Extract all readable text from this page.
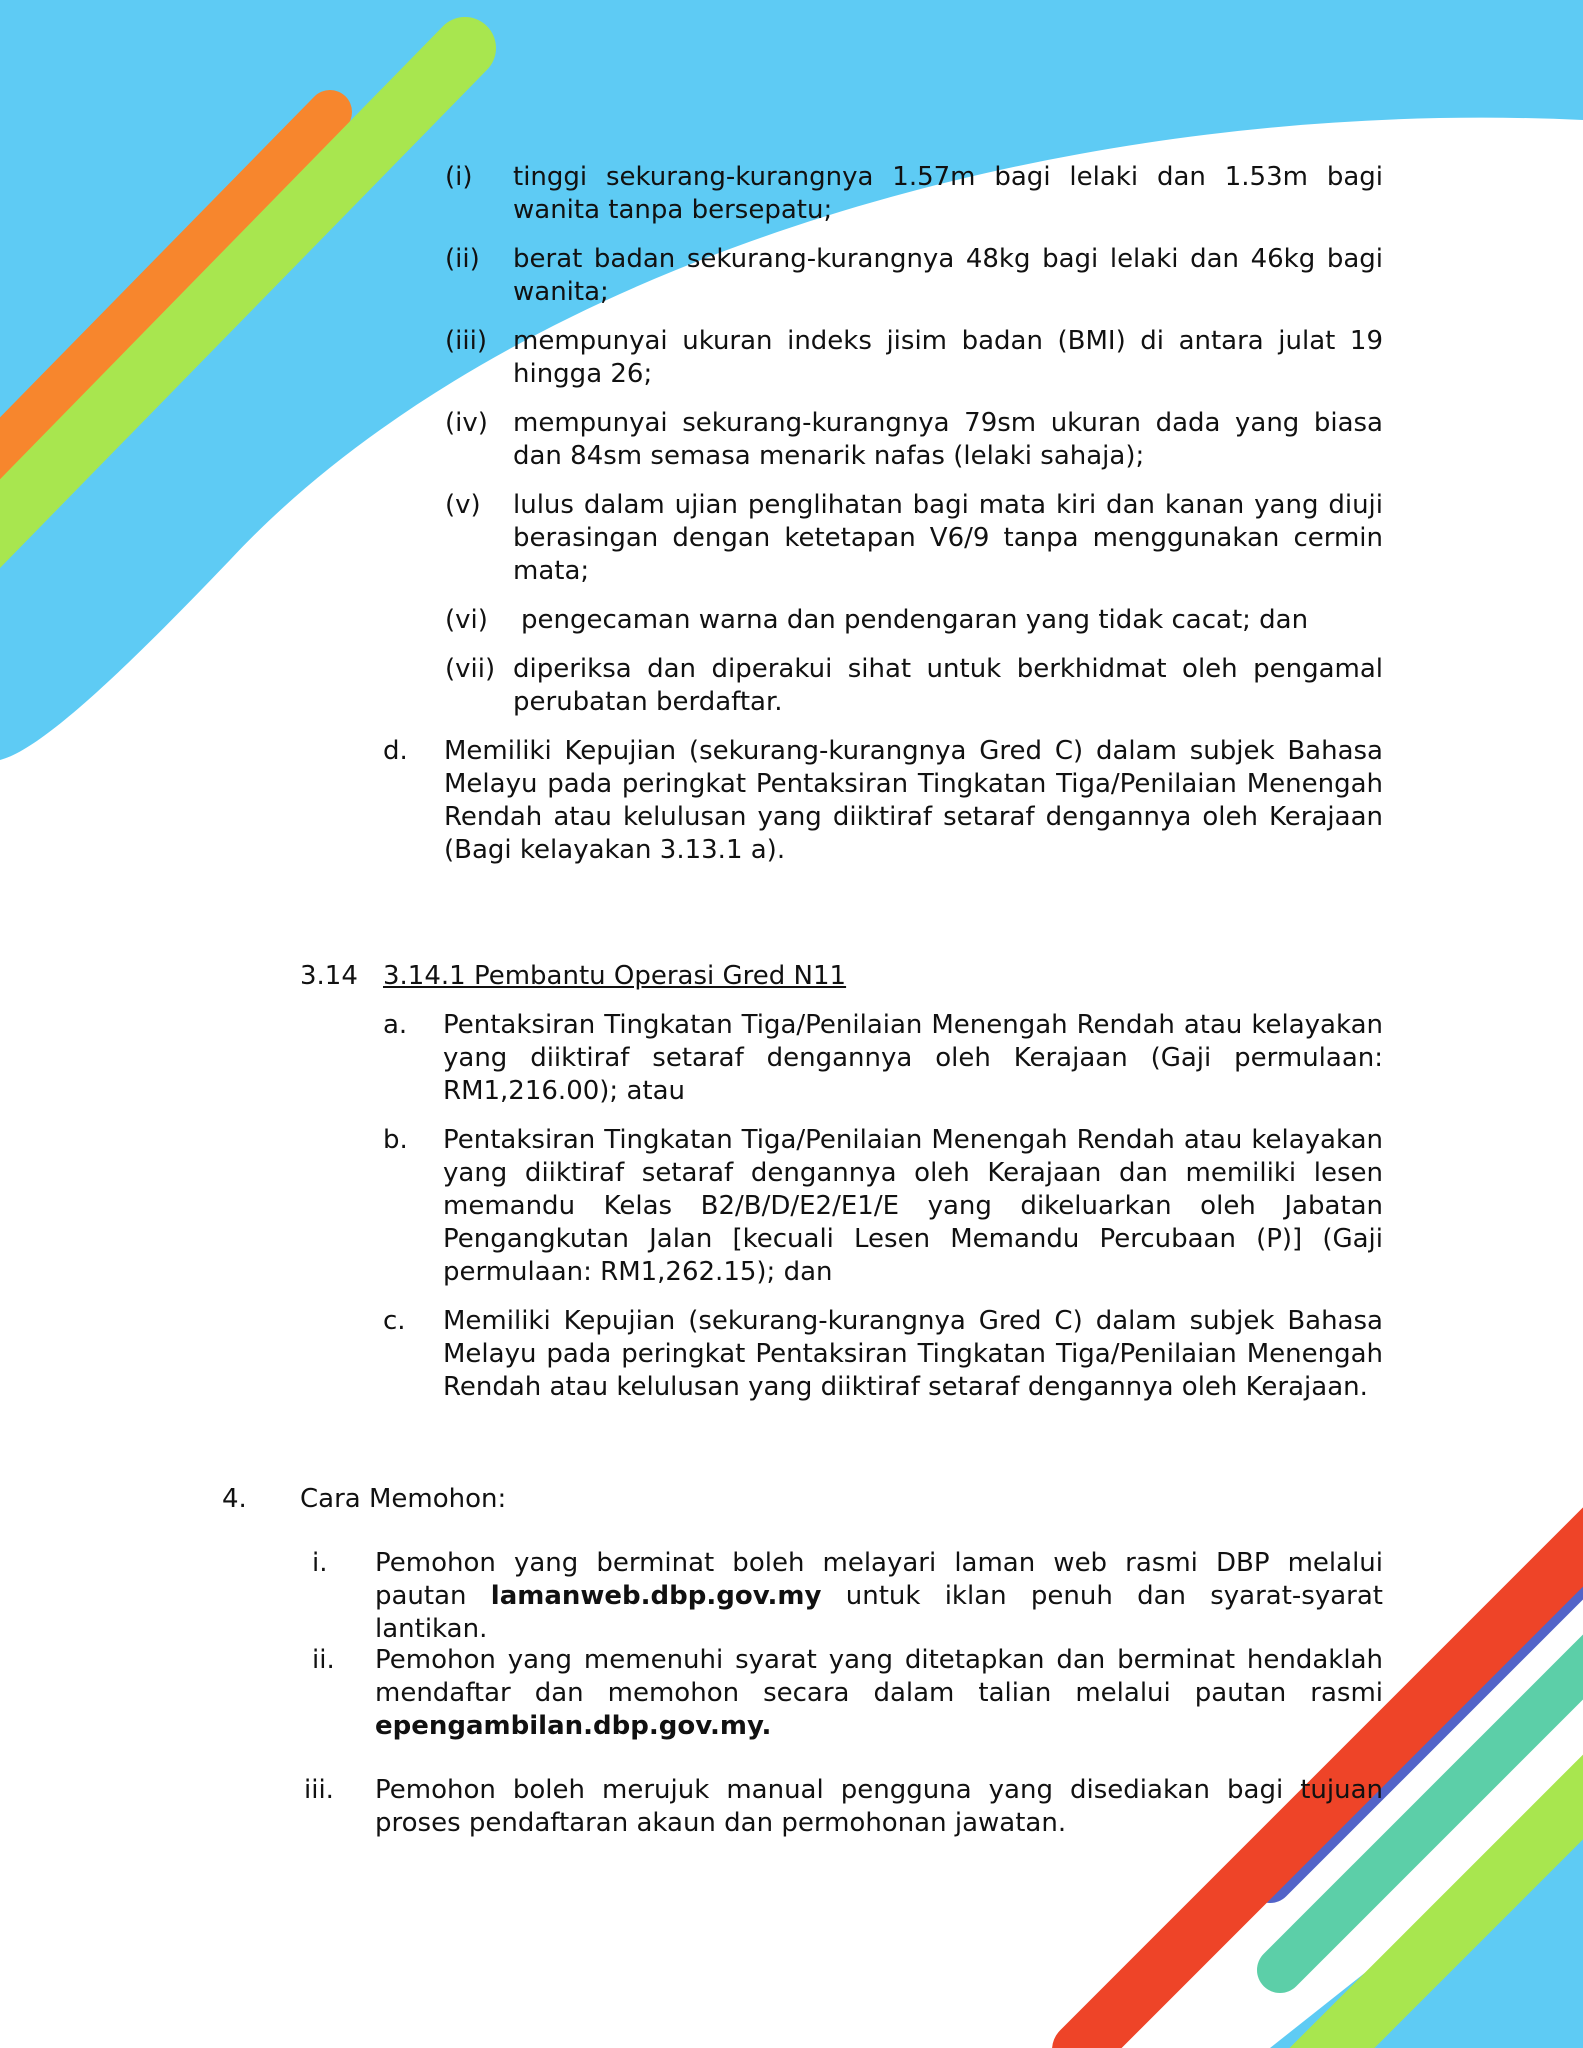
(i) tinggi sekurang-kurangnya 1.57m bagi lelaki dan 1.53m bagi wanita tanpa bersepatu;
(ii) berat badan sekurang-kurangnya 48kg bagi lelaki dan 46kg bagi wanita;
(iii) mempunyai ukuran indeks jisim badan (BMI) di antara julat 19 hingga 26;
(iv) mempunyai sekurang-kurangnya 79sm ukuran dada yang biasa dan 84sm semasa menarik nafas (lelaki sahaja);
(v) lulus dalam ujian penglihatan bagi mata kiri dan kanan yang diuji berasingan dengan ketetapan V6/9 tanpa menggunakan cermin mata;
(vi) pengecaman warna dan pendengaran yang tidak cacat; dan
(vii) diperiksa dan diperakui sihat untuk berkhidmat oleh pengamal perubatan berdaftar.
d. Memiliki Kepujian (sekurang-kurangnya Gred C) dalam subjek Bahasa Melayu pada peringkat Pentaksiran Tingkatan Tiga/Penilaian Menengah Rendah atau kelulusan yang diiktiraf setaraf dengannya oleh Kerajaan (Bagi kelayakan 3.13.1 a).
3.14 3.14.1 Pembantu Operasi Gred N11
a. Pentaksiran Tingkatan Tiga/Penilaian Menengah Rendah atau kelayakan yang diiktiraf setaraf dengannya oleh Kerajaan (Gaji permulaan: RM1,216.00); atau
b. Pentaksiran Tingkatan Tiga/Penilaian Menengah Rendah atau kelayakan yang diiktiraf setaraf dengannya oleh Kerajaan dan memiliki lesen memandu Kelas B2/B/D/E2/E1/E yang dikeluarkan oleh Jabatan Pengangkutan Jalan [kecuali Lesen Memandu Percubaan (P)] (Gaji permulaan: RM1,262.15); dan
c. Memiliki Kepujian (sekurang-kurangnya Gred C) dalam subjek Bahasa Melayu pada peringkat Pentaksiran Tingkatan Tiga/Penilaian Menengah Rendah atau kelulusan yang diiktiraf setaraf dengannya oleh Kerajaan.
4. Cara Memohon:
i. Pemohon yang berminat boleh melayari laman web rasmi DBP melalui pautan lamanweb.dbp.gov.my untuk iklan penuh dan syarat-syarat lantikan.
ii. Pemohon yang memenuhi syarat yang ditetapkan dan berminat hendaklah mendaftar dan memohon secara dalam talian melalui pautan rasmi epengambilan.dbp.gov.my.
iii. Pemohon boleh merujuk manual pengguna yang disediakan bagi tujuan proses pendaftaran akaun dan permohonan jawatan.
